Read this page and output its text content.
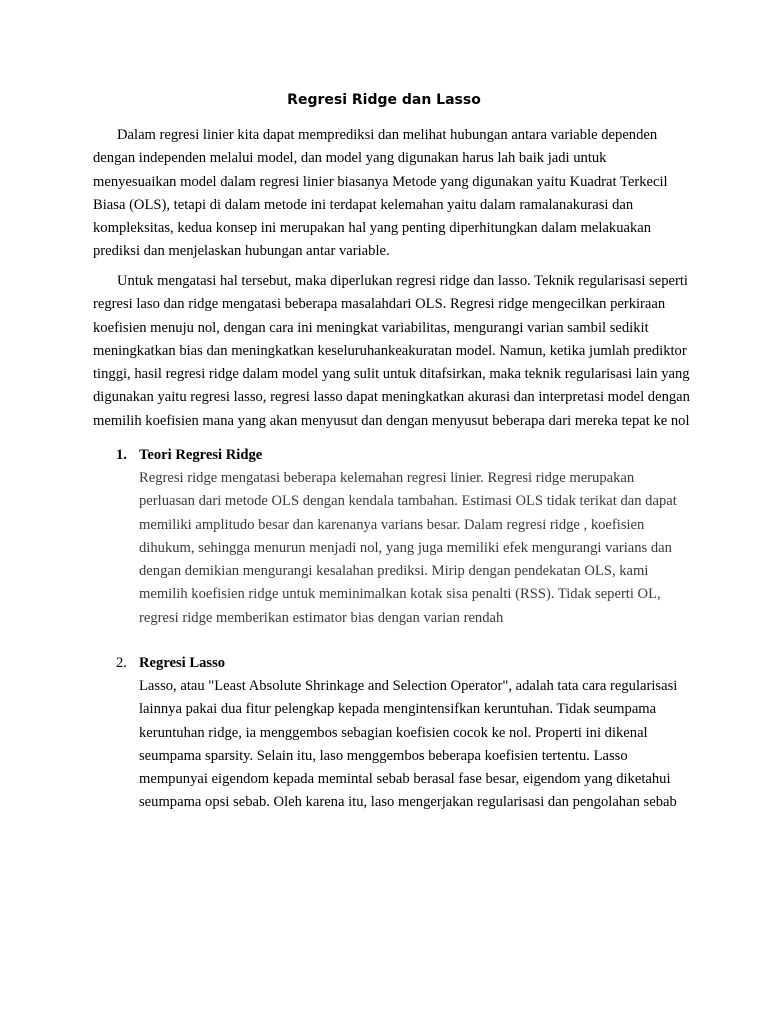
Regresi Ridge dan Lasso

Dalam regresi linier kita dapat memprediksi dan melihat hubungan antara variable dependen
dengan independen melalui model, dan model yang digunakan harus lah baik jadi untuk
menyesuaikan model dalam regresi linier biasanya Metode yang digunakan yaitu Kuadrat Terkecil
Biasa (OLS), tetapi di dalam metode ini terdapat kelemahan yaitu dalam ramalanakurasi dan
kompleksitas, kedua konsep ini merupakan hal yang penting diperhitungkan dalam melakuakan
prediksi dan menjelaskan hubungan antar variable.

Untuk mengatasi hal tersebut, maka diperlukan regresi ridge dan lasso. Teknik regularisasi seperti
regresi laso dan ridge mengatasi beberapa masalahdari OLS. Regresi ridge mengecilkan perkiraan
koefisien menuju nol, dengan cara ini meningkat variabilitas, mengurangi varian sambil sedikit
meningkatkan bias dan meningkatkan keseluruhankeakuratan model. Namun, ketika jumlah prediktor
tinggi, hasil regresi ridge dalam model yang sulit untuk ditafsirkan, maka teknik regularisasi lain yang
digunakan yaitu regresi lasso, regresi lasso dapat meningkatkan akurasi dan interpretasi model dengan
memilih koefisien mana yang akan menyusut dan dengan menyusut beberapa dari mereka tepat ke nol

1. Teori Regresi Ridge
Regresi ridge mengatasi beberapa kelemahan regresi linier. Regresi ridge merupakan
perluasan dari metode OLS dengan kendala tambahan. Estimasi OLS tidak terikat dan dapat
memiliki amplitudo besar dan karenanya varians besar. Dalam regresi ridge , koefisien
dihukum, sehingga menurun menjadi nol, yang juga memiliki efek mengurangi varians dan
dengan demikian mengurangi kesalahan prediksi. Mirip dengan pendekatan OLS, kami
memilih koefisien ridge untuk meminimalkan kotak sisa penalti (RSS). Tidak seperti OL,
regresi ridge memberikan estimator bias dengan varian rendah
2. Regresi Lasso
Lasso, atau "Least Absolute Shrinkage and Selection Operator", adalah tata cara regularisasi
lainnya pakai dua fitur pelengkap kepada mengintensifkan keruntuhan. Tidak seumpama
keruntuhan ridge, ia menggembos sebagian koefisien cocok ke nol. Properti ini dikenal
seumpama sparsity. Selain itu, laso menggembos beberapa koefisien tertentu. Lasso
mempunyai eigendom kepada memintal sebab berasal fase besar, eigendom yang diketahui
seumpama opsi sebab. Oleh karena itu, laso mengerjakan regularisasi dan pengolahan sebab
